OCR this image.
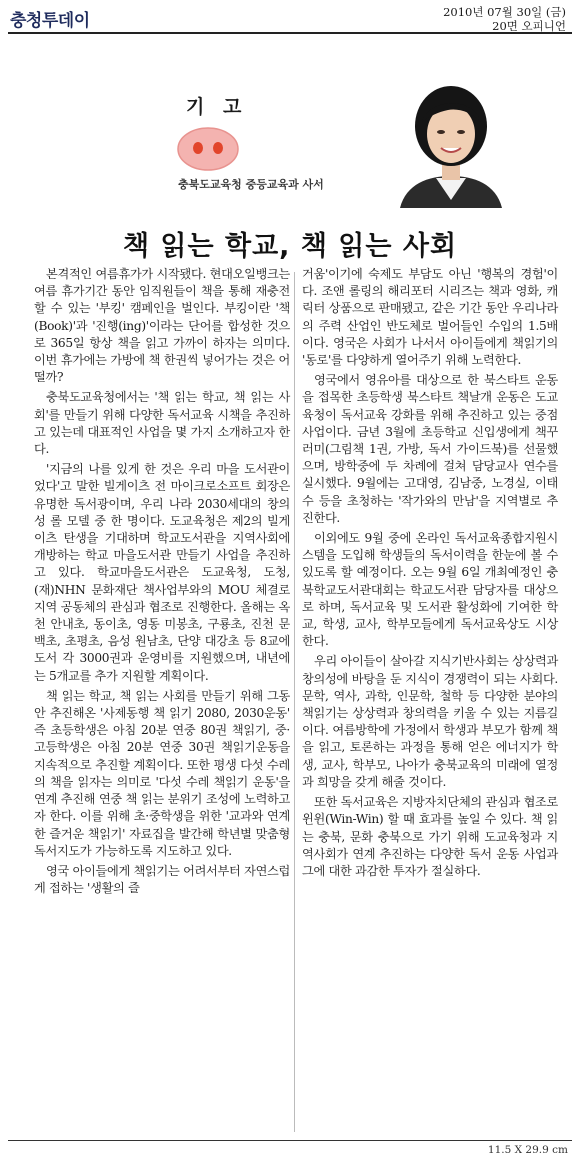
충청투데이	2010년 07월 30일 (금)
20면 오피니언
기 고
충북도교육청 중등교육과 사서
책 읽는 학교, 책 읽는 사회

본격적인 여름휴가가 시작됐다. 현대오일뱅크는 여름 휴가기간 동안 임직원들이 책을 통해 재충전할 수 있는 '부킹' 캠페인을 벌인다. 부킹이란 '책(Book)'과 '진행(ing)'이라는 단어를 합성한 것으로 365일 항상 책을 읽고 가까이 하자는 의미다. 이번 휴가에는 가방에 책 한권씩 넣어가는 것은 어떨까?

충북도교육청에서는 '책 읽는 학교, 책 읽는 사회'를 만들기 위해 다양한 독서교육 시책을 추진하고 있는데 대표적인 사업을 몇 가지 소개하고자 한다.

'지금의 나를 있게 한 것은 우리 마을 도서관이었다'고 말한 빌게이츠 전 마이크로소프트 회장은 유명한 독서광이며, 우리 나라 2030세대의 창의성 롤 모델 중 한 명이다. 도교육청은 제2의 빌게이츠 탄생을 기대하며 학교도서관을 지역사회에 개방하는 학교 마을도서관 만들기 사업을 추진하고 있다. 학교마을도서관은 도교육청, 도청, (재)NHN 문화재단 책사업부와의 MOU 체결로 지역 공동체의 관심과 협조로 진행한다. 올해는 옥천 안내초, 동이초, 영동 미봉초, 구룡초, 진천 문백초, 초평초, 음성 원남초, 단양 대강초 등 8교에 도서 각 3000권과 운영비를 지원했으며, 내년에는 5개교를 추가 지원할 계획이다.

책 읽는 학교, 책 읽는 사회를 만들기 위해 그동안 추진해온 '사제동행 책 읽기 2080, 2030운동' 즉 초등학생은 아침 20분 연중 80권 책읽기, 중·고등학생은 아침 20분 연중 30권 책읽기운동을 지속적으로 추진할 계획이다. 또한 평생 다섯 수레의 책을 읽자는 의미로 '다섯 수레 책읽기 운동'을 연계 추진해 연중 책 읽는 분위기 조성에 노력하고자 한다. 이를 위해 초·중학생을 위한 '교과와 연계한 즐거운 책읽기' 자료집을 발간해 학년별 맞춤형 독서지도가 가능하도록 지도하고 있다.

영국 아이들에게 책읽기는 어려서부터 자연스럽게 접하는 '생활의 즐

거움'이기에 숙제도 부담도 아닌 '행복의 경험'이다. 조앤 롤링의 해리포터 시리즈는 책과 영화, 캐릭터 상품으로 판매됐고, 같은 기간 동안 우리나라의 주력 산업인 반도체로 벌어들인 수입의 1.5배이다. 영국은 사회가 나서서 아이들에게 책읽기의 '동로'를 다양하게 열어주기 위해 노력한다.

영국에서 영유아를 대상으로 한 북스타트 운동을 접목한 초등학생 북스타트 책날개 운동은 도교육청이 독서교육 강화를 위해 추진하고 있는 중점 사업이다. 금년 3월에 초등학교 신입생에게 책꾸러미(그림책 1권, 가방, 독서 가이드북)를 선물했으며, 방학중에 두 차례에 걸쳐 담당교사 연수를 실시했다. 9월에는 고대영, 김남중, 노경실, 이태수 등을 초청하는 '작가와의 만남'을 지역별로 추진한다.

이외에도 9월 중에 온라인 독서교육종합지원시스템을 도입해 학생들의 독서이력을 한눈에 볼 수 있도록 할 예정이다. 오는 9월 6일 개최예정인 충북학교도서관대회는 학교도서관 담당자를 대상으로 하며, 독서교육 및 도서관 활성화에 기여한 학교, 학생, 교사, 학부모들에게 독서교육상도 시상한다.

우리 아이들이 살아갈 지식기반사회는 상상력과 창의성에 바탕을 둔 지식이 경쟁력이 되는 사회다. 문학, 역사, 과학, 인문학, 철학 등 다양한 분야의 책읽기는 상상력과 창의력을 키울 수 있는 지름길이다. 여름방학에 가정에서 학생과 부모가 함께 책을 읽고, 토론하는 과정을 통해 얻은 에너지가 학생, 교사, 학부모, 나아가 충북교육의 미래에 열정과 희망을 갖게 해줄 것이다.

또한 독서교육은 지방자치단체의 관심과 협조로 윈윈(Win-Win) 할 때 효과를 높일 수 있다. 책 읽는 충북, 문화 충북으로 가기 위해 도교육청과 지역사회가 연계 추진하는 다양한 독서 운동 사업과 그에 대한 과감한 투자가 절실하다.

11.5 X 29.9 cm
